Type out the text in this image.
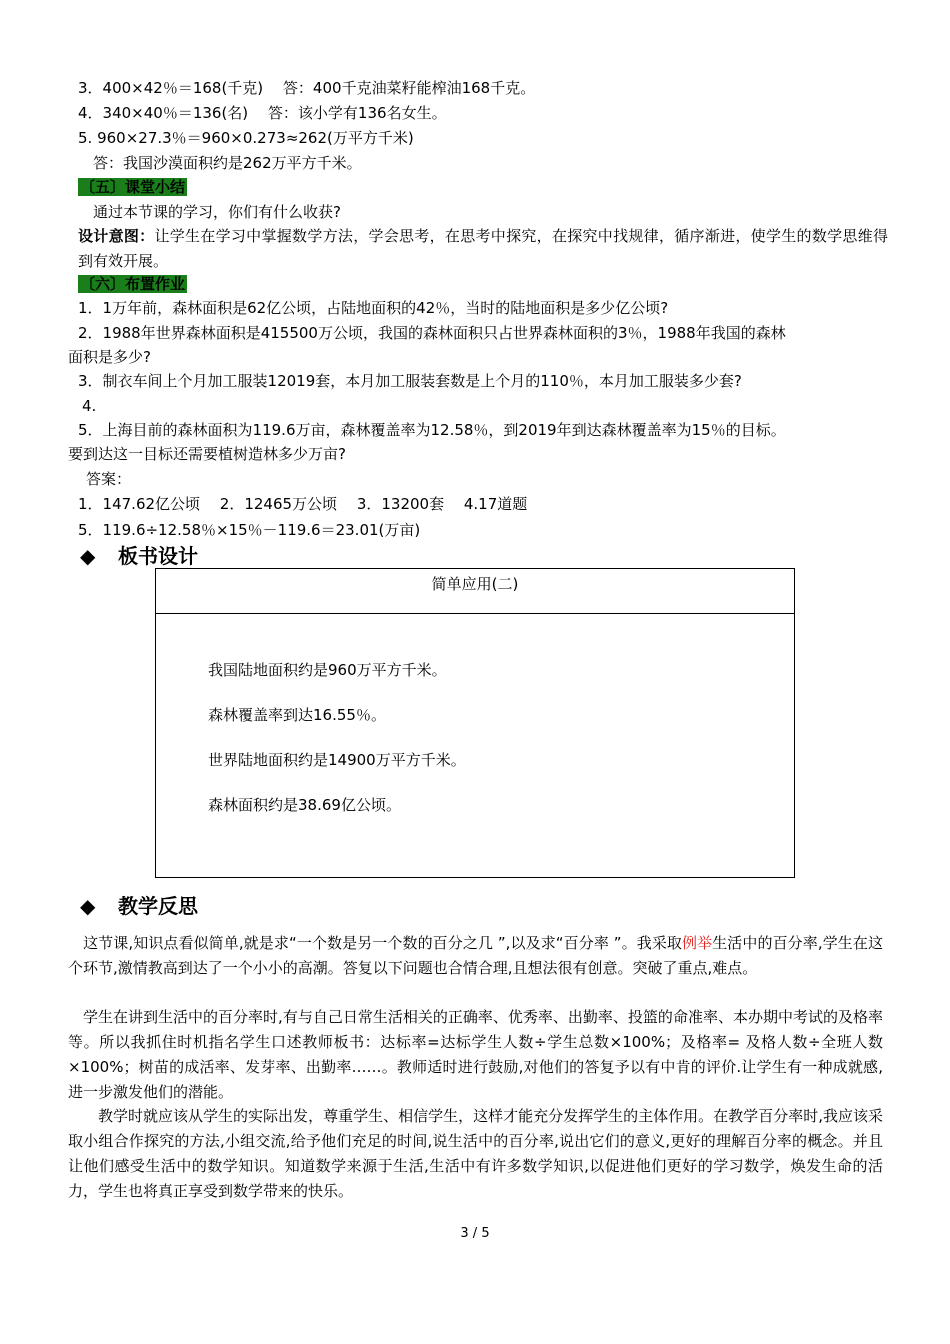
3．400×42％＝168(千克)　 答：400千克油菜籽能榨油168千克。
4．340×40％＝136(名)　 答：该小学有136名女生。
5. 960×27.3％＝960×0.273≈262(万平方千米)
　答：我国沙漠面积约是262万平方千米。
〔五〕课堂小结
　通过本节课的学习，你们有什么收获?
设计意图：让学生在学习中掌握数学方法，学会思考，在思考中探究，在探究中找规律，循序渐进，使学生的数学思维得到有效开展。
〔六〕布置作业
1．1万年前，森林面积是62亿公顷，占陆地面积的42％，当时的陆地面积是多少亿公顷?
2．1988年世界森林面积是415500万公顷，我国的森林面积只占世界森林面积的3％，1988年我国的森林
面积是多少?
3．制衣车间上个月加工服装12019套，本月加工服装套数是上个月的110％，本月加工服装多少套?
4.
5．上海目前的森林面积为119.6万亩，森林覆盖率为12.58％，到2019年到达森林覆盖率为15％的目标。
要到达这一目标还需要植树造林多少万亩?
答案：
1．147.62亿公顷　 2．12465万公顷　 3．13200套　 4.17道题
5．119.6÷12.58％×15％－119.6＝23.01(万亩)
◆ 板书设计
简单应用(二)
我国陆地面积约是960万平方千米。
森林覆盖率到达16.55％。
世界陆地面积约是14900万平方千米。
森林面积约是38.69亿公顷。
◆ 教学反思
　这节课,知识点看似简单,就是求“一个数是另一个数的百分之几 ”,以及求“百分率 ”。我采取例举生活中的百分率,学生在这个环节,激情教高到达了一个小小的高潮。答复以下问题也合情合理,且想法很有创意。突破了重点,难点。
　学生在讲到生活中的百分率时,有与自己日常生活相关的正确率、优秀率、出勤率、投篮的命准率、本办期中考试的及格率等。所以我抓住时机指名学生口述教师板书：达标率=达标学生人数÷学生总数×100%；及格率= 及格人数÷全班人数×100%；树苗的成活率、发芽率、出勤率……。教师适时进行鼓励,对他们的答复予以有中肯的评价.让学生有一种成就感,进一步激发他们的潜能。
　　教学时就应该从学生的实际出发，尊重学生、相信学生，这样才能充分发挥学生的主体作用。在教学百分率时,我应该采取小组合作探究的方法,小组交流,给予他们充足的时间,说生活中的百分率,说出它们的意义,更好的理解百分率的概念。并且让他们感受生活中的数学知识。知道数学来源于生活,生活中有许多数学知识,以促进他们更好的学习数学，焕发生命的活力，学生也将真正享受到数学带来的快乐。
3 / 5
